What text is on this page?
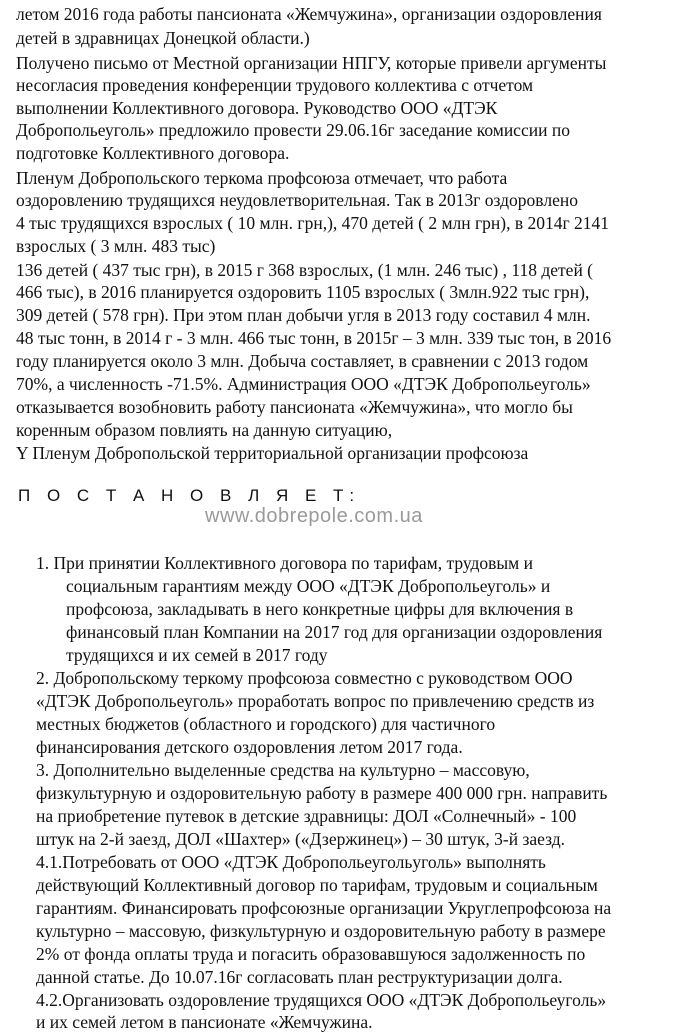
летом 2016 года работы пансионата «Жемчужина», организации оздоровления
детей в здравницах Донецкой области.)
Получено письмо от Местной организации НПГУ, которые привели аргументы
несогласия проведения конференции трудового коллектива с отчетом
выполнении Коллективного договора. Руководство ООО «ДТЭК
Добропольеуголь» предложило провести 29.06.16г заседание комиссии по
подготовке Коллективного договора.
Пленум Добропольского теркома профсоюза отмечает, что работа
оздоровлению трудящихся неудовлетворительная. Так в 2013г оздоровлено
4 тыс трудящихся взрослых ( 10 млн. грн,), 470 детей ( 2 млн грн), в 2014г 2141
взрослых ( 3 млн. 483 тыс)
136 детей ( 437 тыс грн), в 2015 г 368 взрослых, (1 млн. 246 тыс) , 118 детей (
466 тыс), в 2016 планируется оздоровить 1105 взрослых ( 3млн.922 тыс грн),
309 детей ( 578 грн). При этом план добычи угля в 2013 году составил 4 млн.
48 тыс тонн, в 2014 г - 3 млн. 466 тыс тонн, в 2015г – 3 млн. 339 тыс тон, в 2016
году планируется около 3 млн. Добыча составляет, в сравнении с 2013 годом
70%, а численность -71.5%. Администрация ООО «ДТЭК Добропольеуголь»
отказывается возобновить работу пансионата «Жемчужина», что могло бы
коренным образом повлиять на данную ситуацию,
Y Пленум Добропольской территориальной организации профсоюза
П О С Т А Н О В Л Я Е Т:
www.dobrepole.com.ua
1. При принятии Коллективного договора по тарифам, трудовым и
социальным гарантиям между ООО «ДТЭК Добропольеуголь» и
профсоюза, закладывать в него конкретные цифры для включения в
финансовый план Компании на 2017 год для организации оздоровления
трудящихся и их семей в 2017 году
2. Добропольскому теркому профсоюза совместно с руководством ООО
«ДТЭК Добропольеуголь» проработать вопрос по привлечению средств из
местных бюджетов (областного и городского) для частичного
финансирования детского оздоровления летом 2017 года.
3. Дополнительно выделенные средства на культурно – массовую,
физкультурную и оздоровительную работу в размере 400 000 грн. направить
на приобретение путевок в детские здравницы: ДОЛ «Солнечный» - 100
штук на 2-й заезд, ДОЛ «Шахтер» («Дзержинец») – 30 штук, 3-й заезд.
4.1.Потребовать от ООО «ДТЭК Добропольеугольуголь» выполнять
действующий Коллективный договор по тарифам, трудовым и социальным
гарантиям. Финансировать профсоюзные организации Укруглепрофсоюза на
культурно – массовую, физкультурную и оздоровительную работу в размере
2% от фонда оплаты труда и погасить образовавшуюся задолженность по
данной статье. До 10.07.16г согласовать план реструктуризации долга.
4.2.Организовать оздоровление трудящихся ООО «ДТЭК Добропольеуголь»
и их семей летом в пансионате «Жемчужина.
